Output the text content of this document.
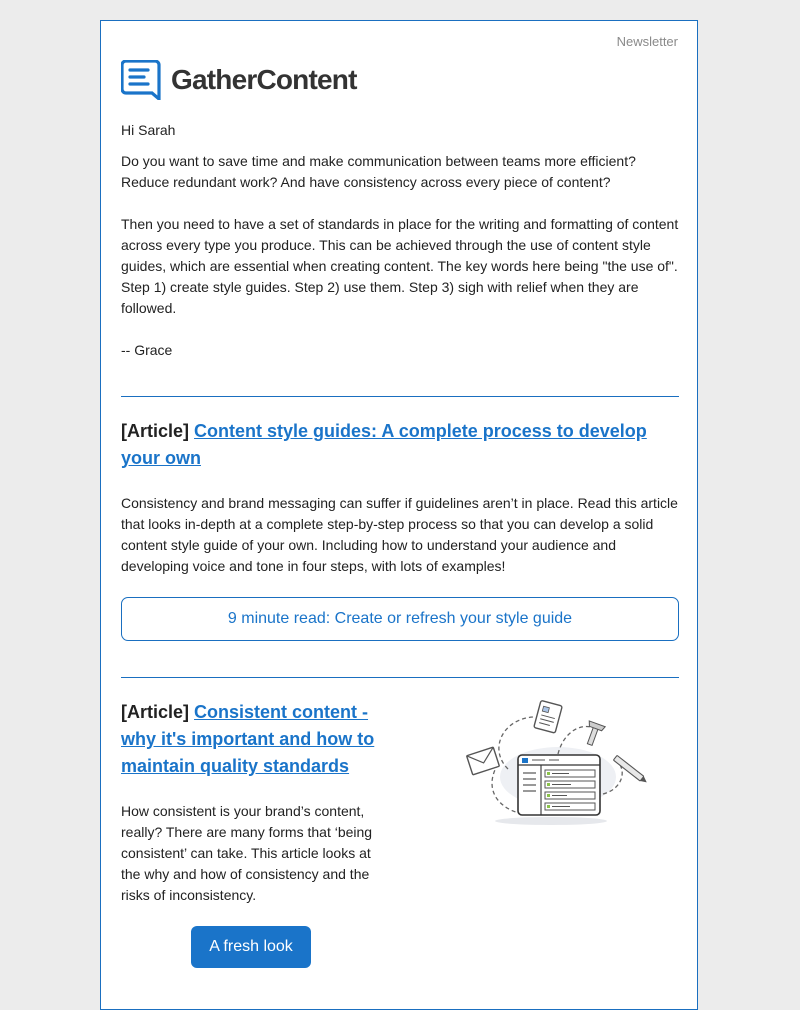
Newsletter
GatherContent
Hi Sarah

Do you want to save time and make communication between teams more efficient? Reduce redundant work? And have consistency across every piece of content?

Then you need to have a set of standards in place for the writing and formatting of content across every type you produce. This can be achieved through the use of content style guides, which are essential when creating content. The key words here being "the use of". Step 1) create style guides. Step 2) use them. Step 3) sigh with relief when they are followed.

-- Grace

[Article] Content style guides: A complete process to develop your own

Consistency and brand messaging can suffer if guidelines aren’t in place. Read this article that looks in-depth at a complete step-by-step process so that you can develop a solid content style guide of your own. Including how to understand your audience and developing voice and tone in four steps, with lots of examples!

9 minute read: Create or refresh your style guide
[Article] Consistent content - why it's important and how to maintain quality standards

How consistent is your brand’s content, really? There are many forms that ‘being consistent’ can take. This article looks at the why and how of consistency and the risks of inconsistency.

A fresh look
